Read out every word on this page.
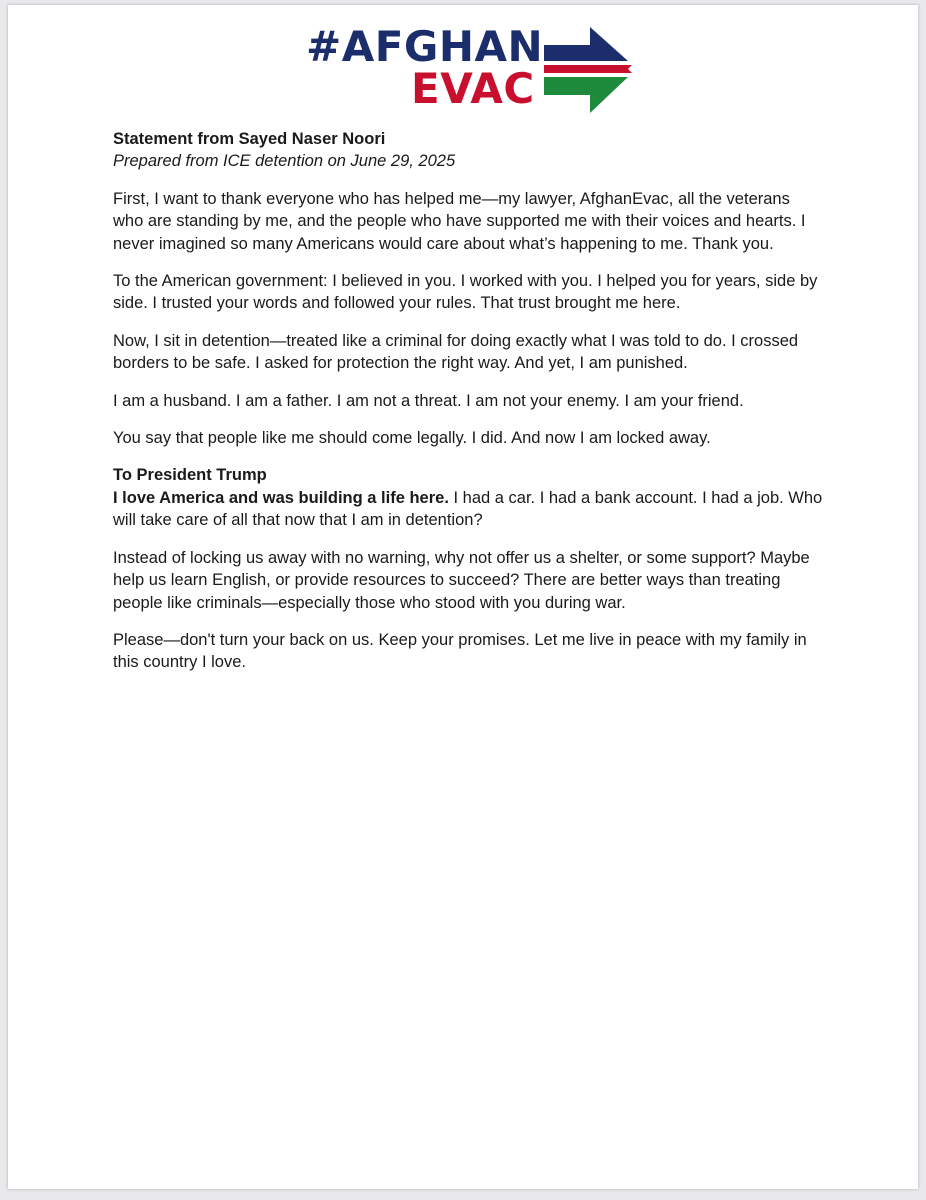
#AFGHAN
EVAC
Statement from Sayed Naser Noori
Prepared from ICE detention on June 29, 2025

First, I want to thank everyone who has helped me—my lawyer, AfghanEvac, all the veterans who are standing by me, and the people who have supported me with their voices and hearts. I never imagined so many Americans would care about what’s happening to me. Thank you.

To the American government: I believed in you. I worked with you. I helped you for years, side by side. I trusted your words and followed your rules. That trust brought me here.

Now, I sit in detention—treated like a criminal for doing exactly what I was told to do. I crossed borders to be safe. I asked for protection the right way. And yet, I am punished.

I am a husband. I am a father. I am not a threat. I am not your enemy. I am your friend.

You say that people like me should come legally. I did. And now I am locked away.

To President Trump
I love America and was building a life here. I had a car. I had a bank account. I had a job. Who will take care of all that now that I am in detention?

Instead of locking us away with no warning, why not offer us a shelter, or some support? Maybe help us learn English, or provide resources to succeed? There are better ways than treating people like criminals—especially those who stood with you during war.

Please—don't turn your back on us. Keep your promises. Let me live in peace with my family in this country I love.
